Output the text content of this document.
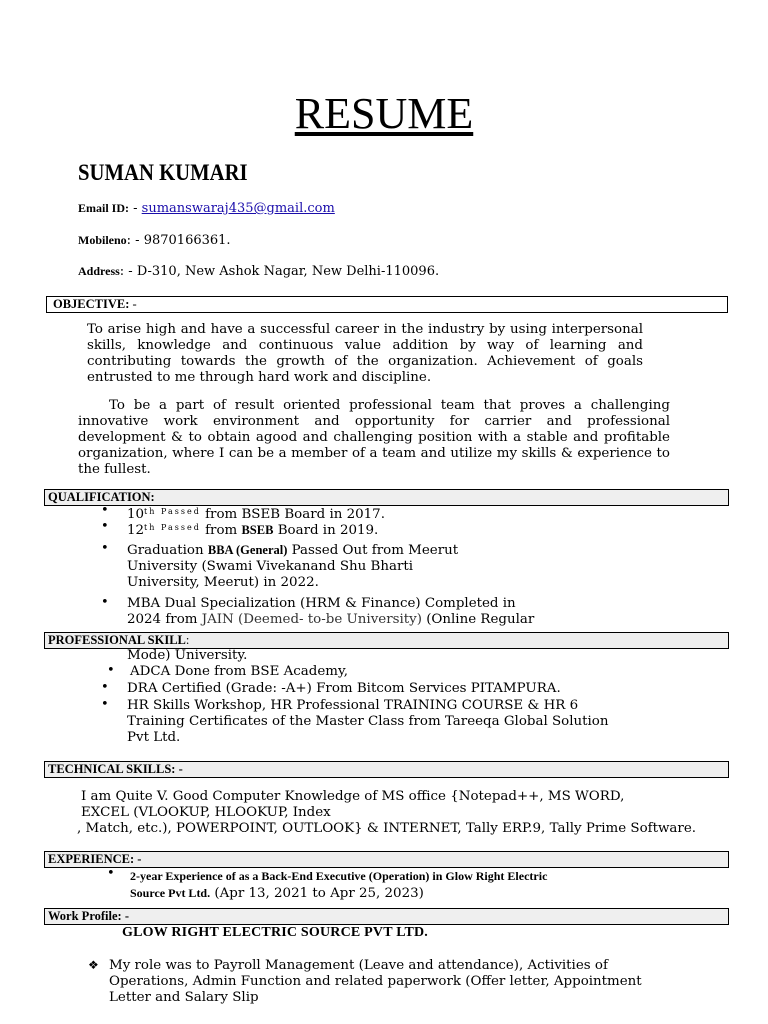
RESUME
SUMAN KUMARI
Email ID: - sumanswaraj435@gmail.com
Mobileno: - 9870166361.
Address: - D-310, New Ashok Nagar, New Delhi-110096.
OBJECTIVE: -
To arise high and have a successful career in the industry by using interpersonal skills, knowledge and continuous value addition by way of learning and contributing towards the growth of the organization. Achievement of goals entrusted to me through hard work and discipline.
To be a part of result oriented professional team that proves a challenging innovative work environment and opportunity for carrier and professional development & to obtain agood and challenging position with a stable and profitable organization, where I can be a member of a team and utilize my skills & experience to the fullest.
QUALIFICATION:
• $10^{th Passed}$ from BSEB Board in 2017.
• $12^{th Passed}$ from BSEB Board in 2019.
• Graduation BBA (General) Passed Out from Meerut
University (Swami Vivekanand Shu Bharti
University, Meerut) in 2022.
• MBA Dual Specialization (HRM & Finance) Completed in
2024 from JAIN (Deemed- to-be University) (Online Regular
PROFESSIONAL SKILL:
Mode) University.
• ADCA Done from BSE Academy,
• DRA Certified (Grade: -A+) From Bitcom Services PITAMPURA.
• HR Skills Workshop, HR Professional TRAINING COURSE & HR 6
Training Certificates of the Master Class from Tareeqa Global Solution
Pvt Ltd.
TECHNICAL SKILLS: -
I am Quite V. Good Computer Knowledge of MS office {Notepad++, MS WORD,
EXCEL (VLOOKUP, HLOOKUP, Index
, Match, etc.), POWERPOINT, OUTLOOK} & INTERNET, Tally ERP.9, Tally Prime Software.
EXPERIENCE: -
• 2-year Experience of as a Back-End Executive (Operation) in Glow Right Electric
Source Pvt Ltd. (Apr 13, 2021 to Apr 25, 2023)
Work Profile: -
GLOW RIGHT ELECTRIC SOURCE PVT LTD.
❖ My role was to Payroll Management (Leave and attendance), Activities of
Operations, Admin Function and related paperwork (Offer letter, Appointment
Letter and Salary Slip
